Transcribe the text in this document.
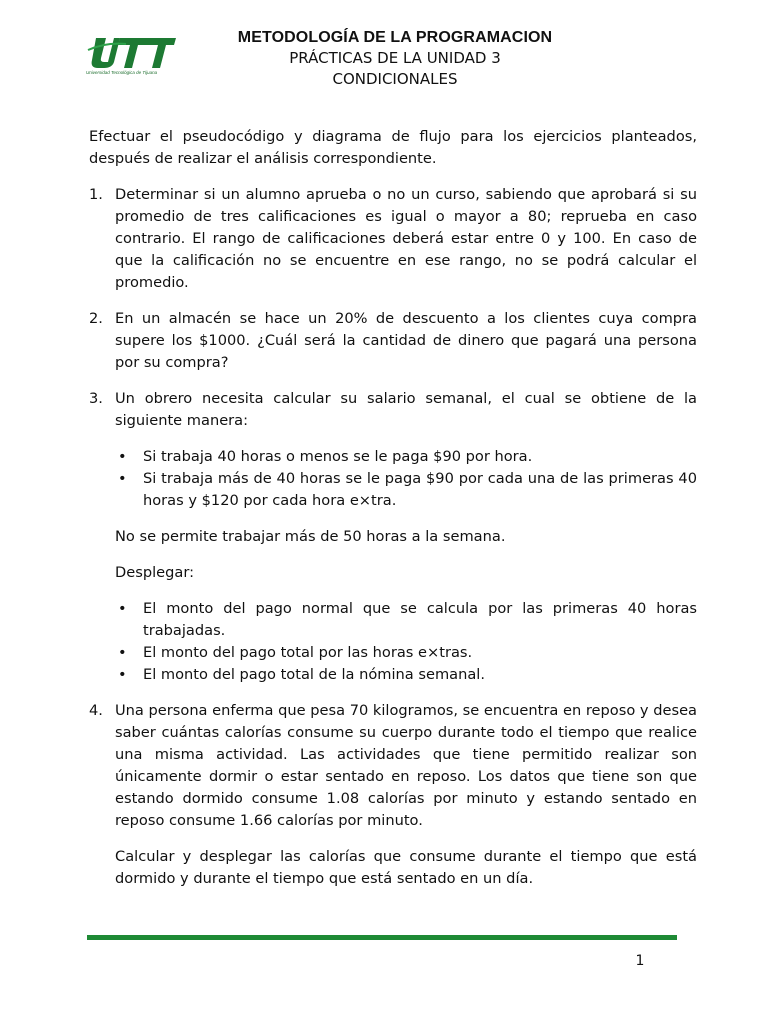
Universidad Tecnológica de Tijuana
METODOLOGÍA DE LA PROGRAMACION
PRÁCTICAS DE LA UNIDAD 3
CONDICIONALES

Efectuar el pseudocódigo y diagrama de flujo para los ejercicios planteados, después de realizar el análisis correspondiente.

1. Determinar si un alumno aprueba o no un curso, sabiendo que aprobará si su promedio de tres calificaciones es igual o mayor a 80; reprueba en caso contrario. El rango de calificaciones deberá estar entre 0 y 100. En caso de que la calificación no se encuentre en ese rango, no se podrá calcular el promedio.

2. En un almacén se hace un 20% de descuento a los clientes cuya compra supere los $1000. ¿Cuál será la cantidad de dinero que pagará una persona por su compra?

3. Un obrero necesita calcular su salario semanal, el cual se obtiene de la siguiente manera:

• Si trabaja 40 horas o menos se le paga $90 por hora.
• Si trabaja más de 40 horas se le paga $90 por cada una de las primeras 40 horas y $120 por cada hora e×tra.

No se permite trabajar más de 50 horas a la semana.

Desplegar:

• El monto del pago normal que se calcula por las primeras 40 horas trabajadas.
• El monto del pago total por las horas e×tras.
• El monto del pago total de la nómina semanal.
4. Una persona enferma que pesa 70 kilogramos, se encuentra en reposo y desea saber cuántas calorías consume su cuerpo durante todo el tiempo que realice una misma actividad. Las actividades que tiene permitido realizar son únicamente dormir o estar sentado en reposo. Los datos que tiene son que estando dormido consume 1.08 calorías por minuto y estando sentado en reposo consume 1.66 calorías por minuto.

Calcular y desplegar las calorías que consume durante el tiempo que está dormido y durante el tiempo que está sentado en un día.

1
